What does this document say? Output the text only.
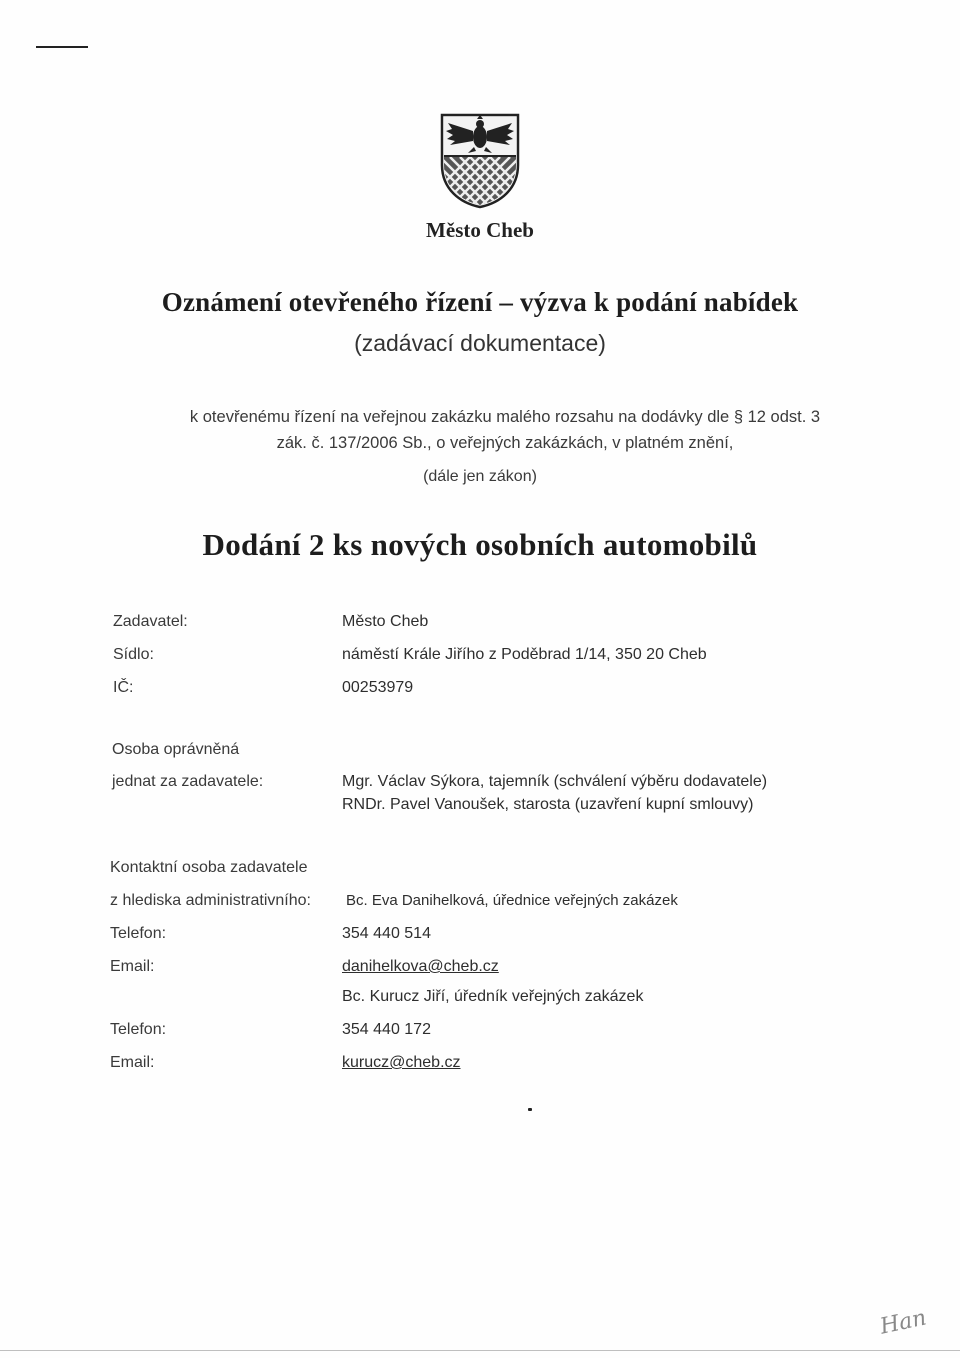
Město Cheb
Oznámení otevřeného řízení – výzva k podání nabídek
(zadávací dokumentace)
k otevřenému řízení na veřejnou zakázku malého rozsahu na dodávky dle § 12 odst. 3
zák. č. 137/2006 Sb., o veřejných zakázkách, v platném znění,
(dále jen zákon)
Dodání 2 ks nových osobních automobilů
Zadavatel:	Město Cheb
Sídlo:	náměstí Krále Jiřího z Poděbrad 1/14, 350 20 Cheb
IČ:	00253979
Osoba oprávněná
jednat za zadavatele:	Mgr. Václav Sýkora, tajemník (schválení výběru dodavatele)
RNDr. Pavel Vanoušek, starosta (uzavření kupní smlouvy)
Kontaktní osoba zadavatele
z hlediska administrativního: Bc. Eva Danihelková, úřednice veřejných zakázek
Telefon:	354 440 514
Email:	danihelkova@cheb.cz
Bc. Kurucz Jiří, úředník veřejných zakázek
Telefon:	354 440 172
Email:	kurucz@cheb.cz
Han
